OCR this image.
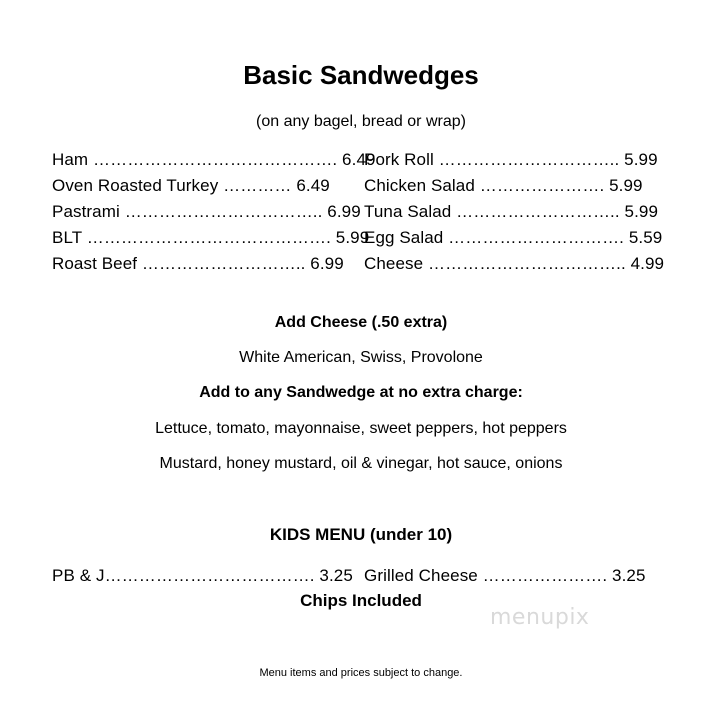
Basic Sandwedges
(on any bagel, bread or wrap)
Ham ……………………………………. 6.49
Oven Roasted Turkey ………… 6.49
Pastrami …………………………….. 6.99
BLT ……………………………………. 5.99
Roast Beef ……………………….. 6.99
Pork Roll ………………………….. 5.99
Chicken Salad …………………. 5.99
Tuna Salad ……………………….. 5.99
Egg Salad …………………………. 5.59
Cheese …………………………….. 4.99
Add Cheese (.50 extra)
White American, Swiss, Provolone
Add to any Sandwedge at no extra charge:
Lettuce, tomato, mayonnaise, sweet peppers, hot peppers
Mustard, honey mustard, oil & vinegar, hot sauce, onions
KIDS MENU (under 10)
PB & J………………………………. 3.25 Grilled Cheese …………………. 3.25
Chips Included
menupix
Menu items and prices subject to change.
